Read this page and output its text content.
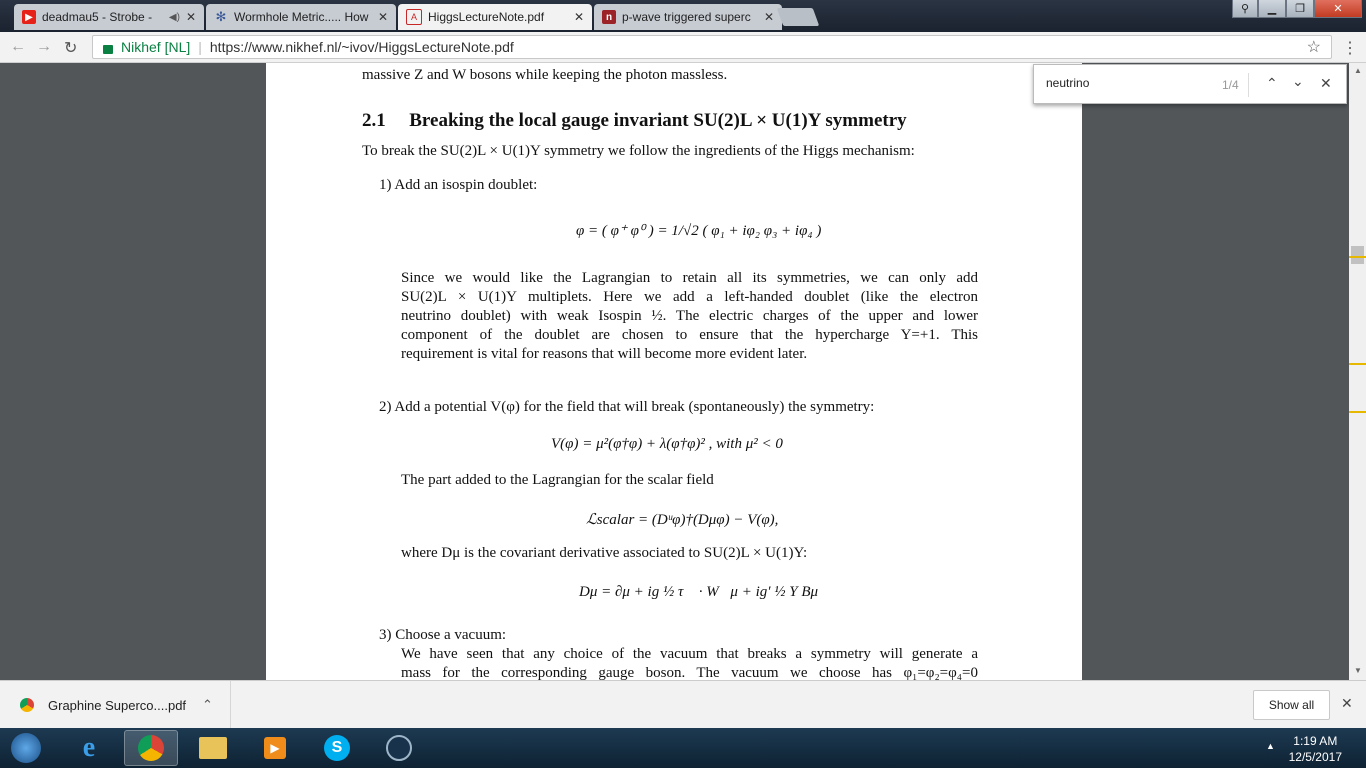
▶ deadmau5 - Strobe -	◀) ✕ ✻ Wormhole Metric..... How ✕	A HiggsLectureNote.pdf	✕	n p-wave triggered superc	✕
⚲	▁	❐	✕
← → ↻	Nikhef [NL] | https://www.nikhef.nl/~ivov/HiggsLectureNote.pdf	☆ ⋮
massive Z and W bosons while keeping the photon massless.
2.1 Breaking the local gauge invariant SU(2)L × U(1)Y symmetry
To break the SU(2)L × U(1)Y symmetry we follow the ingredients of the Higgs mechanism:
1) Add an isospin doublet:
φ = ( φ⁺ φ⁰ ) = 1/√2 ( φ₁ + iφ₂ φ₃ + iφ₄ )
Since we would like the Lagrangian to retain all its symmetries, we can only add
SU(2)L × U(1)Y multiplets. Here we add a left-handed doublet (like the electron
neutrino doublet) with weak Isospin ½. The electric charges of the upper and lower
component of the doublet are chosen to ensure that the hypercharge Y=+1. This
requirement is vital for reasons that will become more evident later.
2) Add a potential V(φ) for the field that will break (spontaneously) the symmetry:
V(φ) = μ²(φ†φ) + λ(φ†φ)² , with μ² < 0
The part added to the Lagrangian for the scalar field
ℒscalar = (Dᵘφ)†(Dμφ) − V(φ),
where Dμ is the covariant derivative associated to SU(2)L × U(1)Y:
Dμ = ∂μ + ig ½ τ⃗ · W⃗μ + ig′ ½ Y Bμ
3) Choose a vacuum:
We have seen that any choice of the vacuum that breaks a symmetry will generate a
mass for the corresponding gauge boson. The vacuum we choose has φ₁=φ₂=φ₄=0
neutrino
1/4 ⌃ ⌄ ✕
▲
▼
Graphine Superco....pdf ⌃	Show all	✕
e	▶	S	▲	1:19 AM
12/5/2017
